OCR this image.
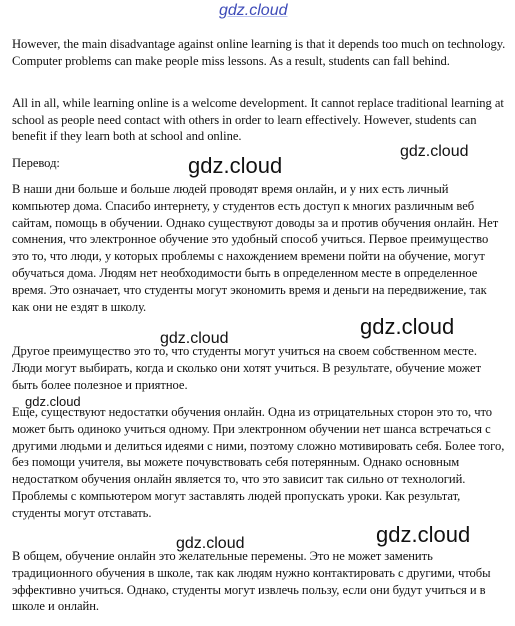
gdz.cloud

However, the main disadvantage against online learning is that it depends too much on technology. Computer problems can make people miss lessons. As a result, students can fall behind.

All in all, while learning online is a welcome development. It cannot replace traditional learning at school as people need contact with others in order to learn effectively. However, students can benefit if they learn both at school and online.

Перевод:

В наши дни больше и больше людей проводят время онлайн, и у них есть личный компьютер дома. Спасибо интернету, у студентов есть доступ к многих различным веб сайтам, помощь в обучении. Однако существуют доводы за и против обучения онлайн. Нет сомнения, что электронное обучение это удобный способ учиться. Первое преимущество это то, что люди, у которых проблемы с нахождением времени пойти на обучение, могут обучаться дома. Людям нет необходимости быть в определенном месте в определенное время. Это означает, что студенты могут экономить время и деньги на передвижение, так как они не ездят в школу.

Другое преимущество это то, что студенты могут учиться на своем собственном месте. Люди могут выбирать, когда и сколько они хотят учиться. В результате, обучение может быть более полезное и приятное.

Еще, существуют недостатки обучения онлайн. Одна из отрицательных сторон это то, что может быть одиноко учиться одному. При электронном обучении нет шанса встречаться с другими людьми и делиться идеями с ними, поэтому сложно мотивировать себя. Более того, без помощи учителя, вы можете почувствовать себя потерянным. Однако основным недостатком обучения онлайн является то, что это зависит так сильно от технологий. Проблемы с компьютером могут заставлять людей пропускать уроки. Как результат, студенты могут отставать.

В общем, обучение онлайн это желательные перемены. Это не может заменить традиционного обучения в школе, так как людям нужно контактировать с другими, чтобы эффективно учиться. Однако, студенты могут извлечь пользу, если они будут учиться и в школе и онлайн.

gdz.cloud
gdz.cloud
gdz.cloud
gdz.cloud
gdz.cloud
gdz.cloud
gdz.cloud
